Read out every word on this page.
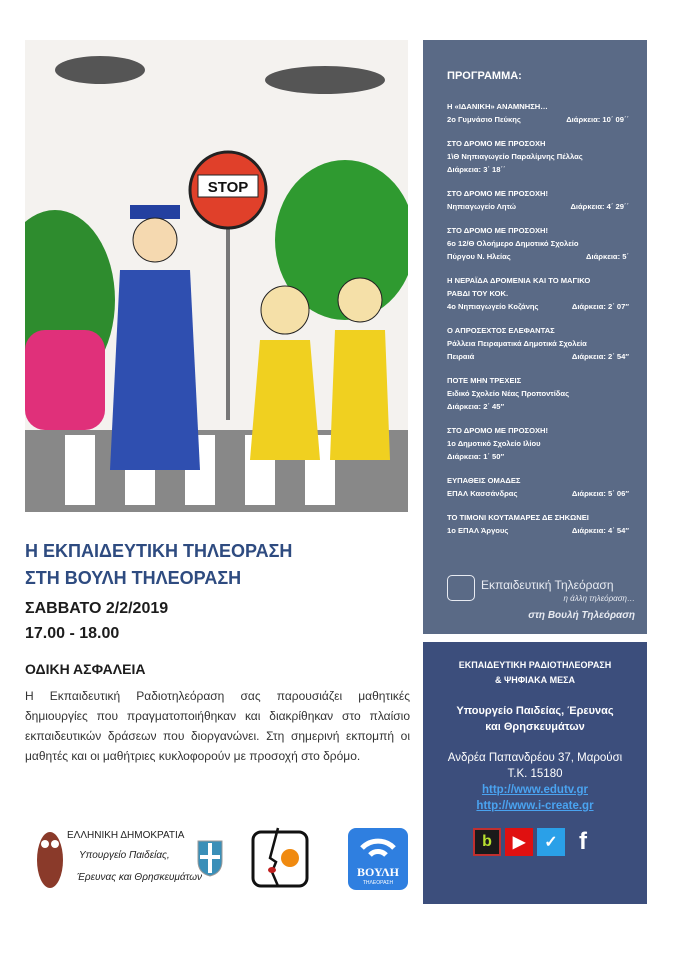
STOP
ΠΡΟΓΡΑΜΜΑ:
Η «ΙΔΑΝΙΚΗ» ΑΝΑΜΝΗΣΗ…
2ο Γυμνάσιο Πεύκης	Διάρκεια: 10΄ 09΄΄
ΣΤΟ ΔΡΟΜΟ ΜΕ ΠΡΟΣΟΧΗ
1\Θ Νηπιαγωγείο Παραλίμνης Πέλλας
Διάρκεια: 3΄ 18΄΄
ΣΤΟ ΔΡΟΜΟ ΜΕ ΠΡΟΣΟΧΗ!
Νηπιαγωγείο Λητώ	Διάρκεια: 4΄ 29΄΄
ΣΤΟ ΔΡΟΜΟ ΜΕ ΠΡΟΣΟΧΗ!
6ο 12/Θ Ολοήμερο Δημοτικό Σχολείο
Πύργου Ν. Ηλείας	Διάρκεια: 5΄
Η ΝΕΡΑΪΔΑ ΔΡΟΜΕΝΙΑ ΚΑΙ ΤΟ ΜΑΓΙΚΟ
ΡΑΒΔΙ ΤΟΥ ΚΟΚ.
4ο Νηπιαγωγείο Κοζάνης	Διάρκεια: 2΄ 07″
Ο ΑΠΡΟΣΕΧΤΟΣ ΕΛΕΦΑΝΤΑΣ
Ράλλεια Πειραματικά Δημοτικά Σχολεία
Πειραιά	Διάρκεια: 2΄ 54″
ΠΟΤΕ ΜΗΝ ΤΡΕΧΕΙΣ
Ειδικό Σχολείο Νέας Προποντίδας
Διάρκεια: 2΄ 45″
ΣΤΟ ΔΡΟΜΟ ΜΕ ΠΡΟΣΟΧΗ!
1ο Δημοτικό Σχολείο Ιλίου
Διάρκεια: 1΄ 50″
ΕΥΠΑΘΕΙΣ ΟΜΑΔΕΣ
ΕΠΑΛ Κασσάνδρας	Διάρκεια: 5΄ 06″
ΤΟ ΤΙΜΟΝΙ ΚΟΥΤΑΜΑΡΕΣ ΔΕ ΣΗΚΩΝΕΙ
1ο ΕΠΑΛ Άργους	Διάρκεια: 4΄ 54″
Εκπαιδευτική Τηλεόραση
η άλλη τηλεόραση…
στη Βουλή Τηλεόραση
ΕΚΠΑΙΔΕΥΤΙΚΗ ΡΑΔΙΟΤΗΛΕΟΡΑΣΗ
& ΨΗΦΙΑΚΑ ΜΕΣΑ
Υπουργείο Παιδείας, Έρευνας
και Θρησκευμάτων
Ανδρέα Παπανδρέου 37, Μαρούσι
Τ.Κ. 15180
http://www.edutv.gr
http://www.i-create.gr
b	▶	✓ f
Η ΕΚΠΑΙΔΕΥΤΙΚΗ ΤΗΛΕΟΡΑΣΗ
ΣΤΗ ΒΟΥΛΗ ΤΗΛΕΟΡΑΣΗ
ΣΑΒΒΑΤΟ 2/2/2019
17.00 - 18.00
ΟΔΙΚΗ ΑΣΦΑΛΕΙΑ
Η Εκπαιδευτική Ραδιοτηλεόραση σας παρουσιάζει μαθητικές δημιουργίες που πραγματοποιήθηκαν και διακρίθηκαν στο πλαίσιο εκπαιδευτικών δράσεων που διοργανώνει. Στη σημερινή εκπομπή οι μαθητές και οι μαθήτριες κυκλοφορούν με προσοχή στο δρόμο.
ΕΛΛΗΝΙΚΗ ΔΗΜΟΚΡΑΤΙΑ
Υπουργείο Παιδείας,
Έρευνας και Θρησκευμάτων	ΒΟΥΛΗ
ΤΗΛΕΟΡΑΣΗ
